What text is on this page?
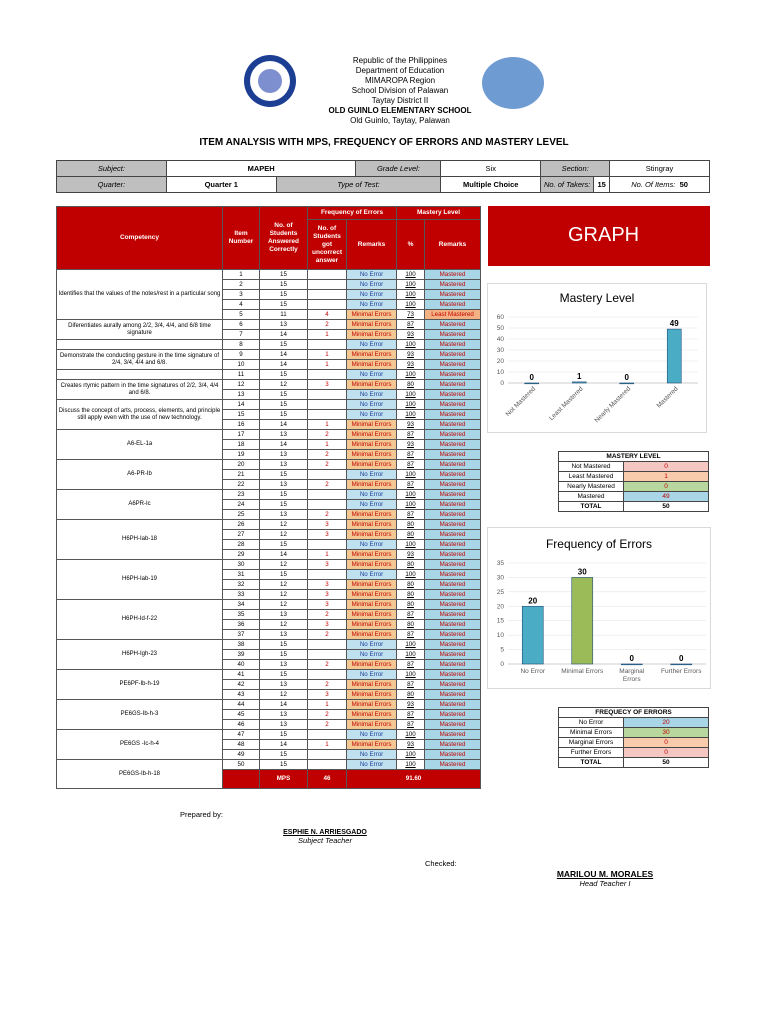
Republic of the Philippines
Department of Education
MIMAROPA Region
School Division of Palawan
Taytay District II
OLD GUINLO ELEMENTARY SCHOOL
Old Guinlo, Taytay, Palawan
ITEM ANALYSIS WITH MPS, FREQUENCY OF ERRORS AND MASTERY LEVEL
Subject:	MAPEH		Grade Level:	Six	Section:		Stingray
Quarter:	Quarter 1	Type of Test:		Multiple Choice	No. of Takers:	15	No. Of Items: 50
Competency	Item Number	No. of Students Answered Correctly	Frequency of Errors		Mastery Level		
			No. of Students got uncorrect answer	Remarks	%	Remarks	
Identifies that the values of the notes/rest in a particular song	1	15		No Error	100	Mastered	
	2	15		No Error	100	Mastered	
	3	15		No Error	100	Mastered	
	4	15		No Error	100	Mastered	
	5	11	4	Minimal Errors	73	Least Mastered	
Diferentiates aurally among 2/2, 3/4, 4/4, and 6/8 time signature	6	13	2	Minimal Errors	87	Mastered	
	7	14	1	Minimal Errors	93	Mastered	
	8	15		No Error	100	Mastered	
Demonstrate the conducting gesture in the time signature of 2/4, 3/4, 4/4 and 6/8.	9	14	1	Minimal Errors	93	Mastered	
	10	14	1	Minimal Errors	93	Mastered	
	11	15		No Error	100	Mastered	
Creates rtymic pattern in the time signatures of 2/2, 3/4, 4/4 and 6/8.	12	12	3	Minimal Errors	80	Mastered	
	13	15		No Error	100	Mastered	
Discuss the concept of arts, process, elements, and principle still apply even with the use of new technology.	14	15		No Error	100	Mastered	
	15	15		No Error	100	Mastered	
	16	14	1	Minimal Errors	93	Mastered	
A6-EL-1a	17	13	2	Minimal Errors	87	Mastered	
	18	14	1	Minimal Errors	93	Mastered	
	19	13	2	Minimal Errors	87	Mastered	
A6-PR-Ib	20	13	2	Minimal Errors	87	Mastered	
	21	15		No Error	100	Mastered	
	22	13	2	Minimal Errors	87	Mastered	
A6PR-Ic	23	15		No Error	100	Mastered	
	24	15		No Error	100	Mastered	
	25	13	2	Minimal Errors	87	Mastered	
H6PH-Iab-18	26	12	3	Minimal Errors	80	Mastered	
	27	12	3	Minimal Errors	80	Mastered	
	28	15		No Error	100	Mastered	
	29	14	1	Minimal Errors	93	Mastered	
H6PH-Iab-19	30	12	3	Minimal Errors	80	Mastered	
	31	15		No Error	100	Mastered	
	32	12	3	Minimal Errors	80	Mastered	
	33	12	3	Minimal Errors	80	Mastered	
H6PH-Id-f-22	34	12	3	Minimal Errors	80	Mastered	
	35	13	2	Minimal Errors	87	Mastered	
	36	12	3	Minimal Errors	80	Mastered	
	37	13	2	Minimal Errors	87	Mastered	
H6PH-Igh-23	38	15		No Error	100	Mastered	
	39	15		No Error	100	Mastered	
	40	13	2	Minimal Errors	87	Mastered	
PE6PF-Ib-h-19	41	15		No Error	100	Mastered	
	42	13	2	Minimal Errors	87	Mastered	
	43	12	3	Minimal Errors	80	Mastered	
PE6GS-Ib-h-3	44	14	1	Minimal Errors	93	Mastered	
	45	13	2	Minimal Errors	87	Mastered	
	46	13	2	Minimal Errors	87	Mastered	
PE6GS -Ic-h-4	47	15		No Error	100	Mastered	
	48	14	1	Minimal Errors	93	Mastered	
	49	15		No Error	100	Mastered	
PE6GS-Ib-h-18	50	15		No Error	100	Mastered	
		MPS	46	91.60	
GRAPH
Mastery Level
0
10
20
30
40
50
60
0
Not Mastered
1
Least Mastered
0
Nearly Mastered
49
Mastered
MASTERY LEVEL	
Not Mastered	0
Least Mastered	1
Nearly Mastered	0
Mastered	49
TOTAL	50
Frequency of Errors
0
5
10
15
20
25
30
35
20
No Error
30
Minimal Errors
0
Marginal
Errors
0
Further Errors
FREQUECY OF ERRORS	
No Error	20
Minimal Errors	30
Marginal Errors	0
Further Errors	0
TOTAL	50
Prepared by:
ESPHIE N. ARRIESGADO
Subject Teacher
Checked:
MARILOU M. MORALES
Head Teacher I
